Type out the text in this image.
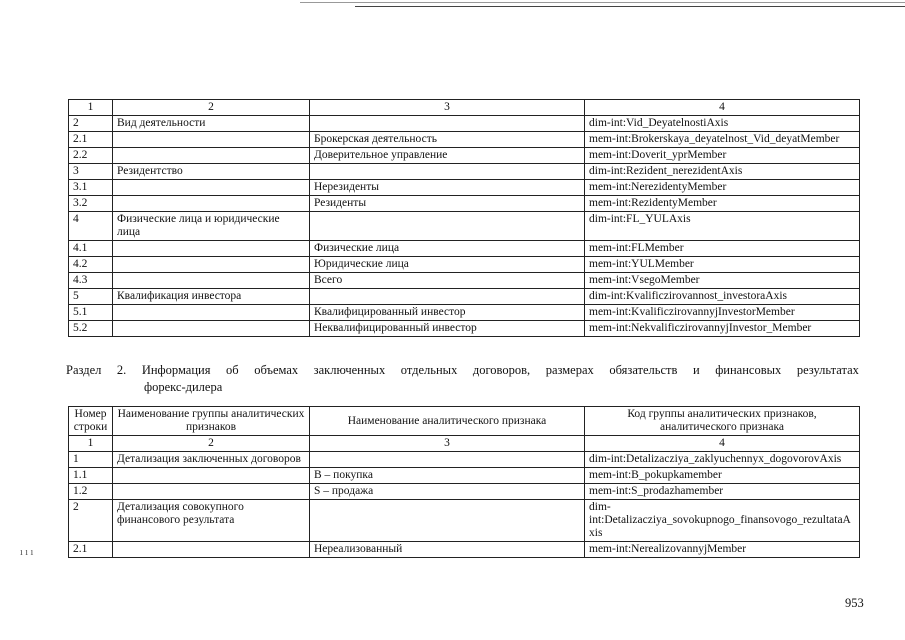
1	2	3	4
2	Вид деятельности		dim-int:Vid_DeyatelnostiAxis
2.1		Брокерская деятельность	mem-int:Brokerskaya_deyatelnost_Vid_deyatMember
2.2		Доверительное управление	mem-int:Doverit_yprMember
3	Резидентство		dim-int:Rezident_nerezidentAxis
3.1		Нерезиденты	mem-int:NerezidentyMember
3.2		Резиденты	mem-int:RezidentyMember
4	Физические лица и юридические лица		dim-int:FL_YULAxis
4.1		Физические лица	mem-int:FLMember
4.2		Юридические лица	mem-int:YULMember
4.3		Всего	mem-int:VsegoMember
5	Квалификация инвестора		dim-int:Kvalificzirovannost_investoraAxis
5.1		Квалифицированный инвестор	mem-int:KvalificzirovannyjInvestorMember
5.2		Неквалифицированный инвестор	mem-int:NekvalificzirovannyjInvestor_Member
Раздел 2. Информация об объемах заключенных отдельных договоров, размерах обязательств и финансовых результатах
форекс-дилера
Номер строки	Наименование группы аналитических признаков	Наименование аналитического признака	Код группы аналитических признаков, аналитического признака
1	2	3	4
1	Детализация заключенных договоров		dim-int:Detalizacziya_zaklyuchennyx_dogovorovAxis
1.1		В – покупка	mem-int:B_pokupkamember
1.2		S – продажа	mem-int:S_prodazhamember
2	Детализация совокупного финансового результата		dim-int:Detalizacziya_sovokupnogo_finansovogo_rezultataAxis
2.1		Нереализованный	mem-int:NerealizovannyjMember
ı ı ı
953
